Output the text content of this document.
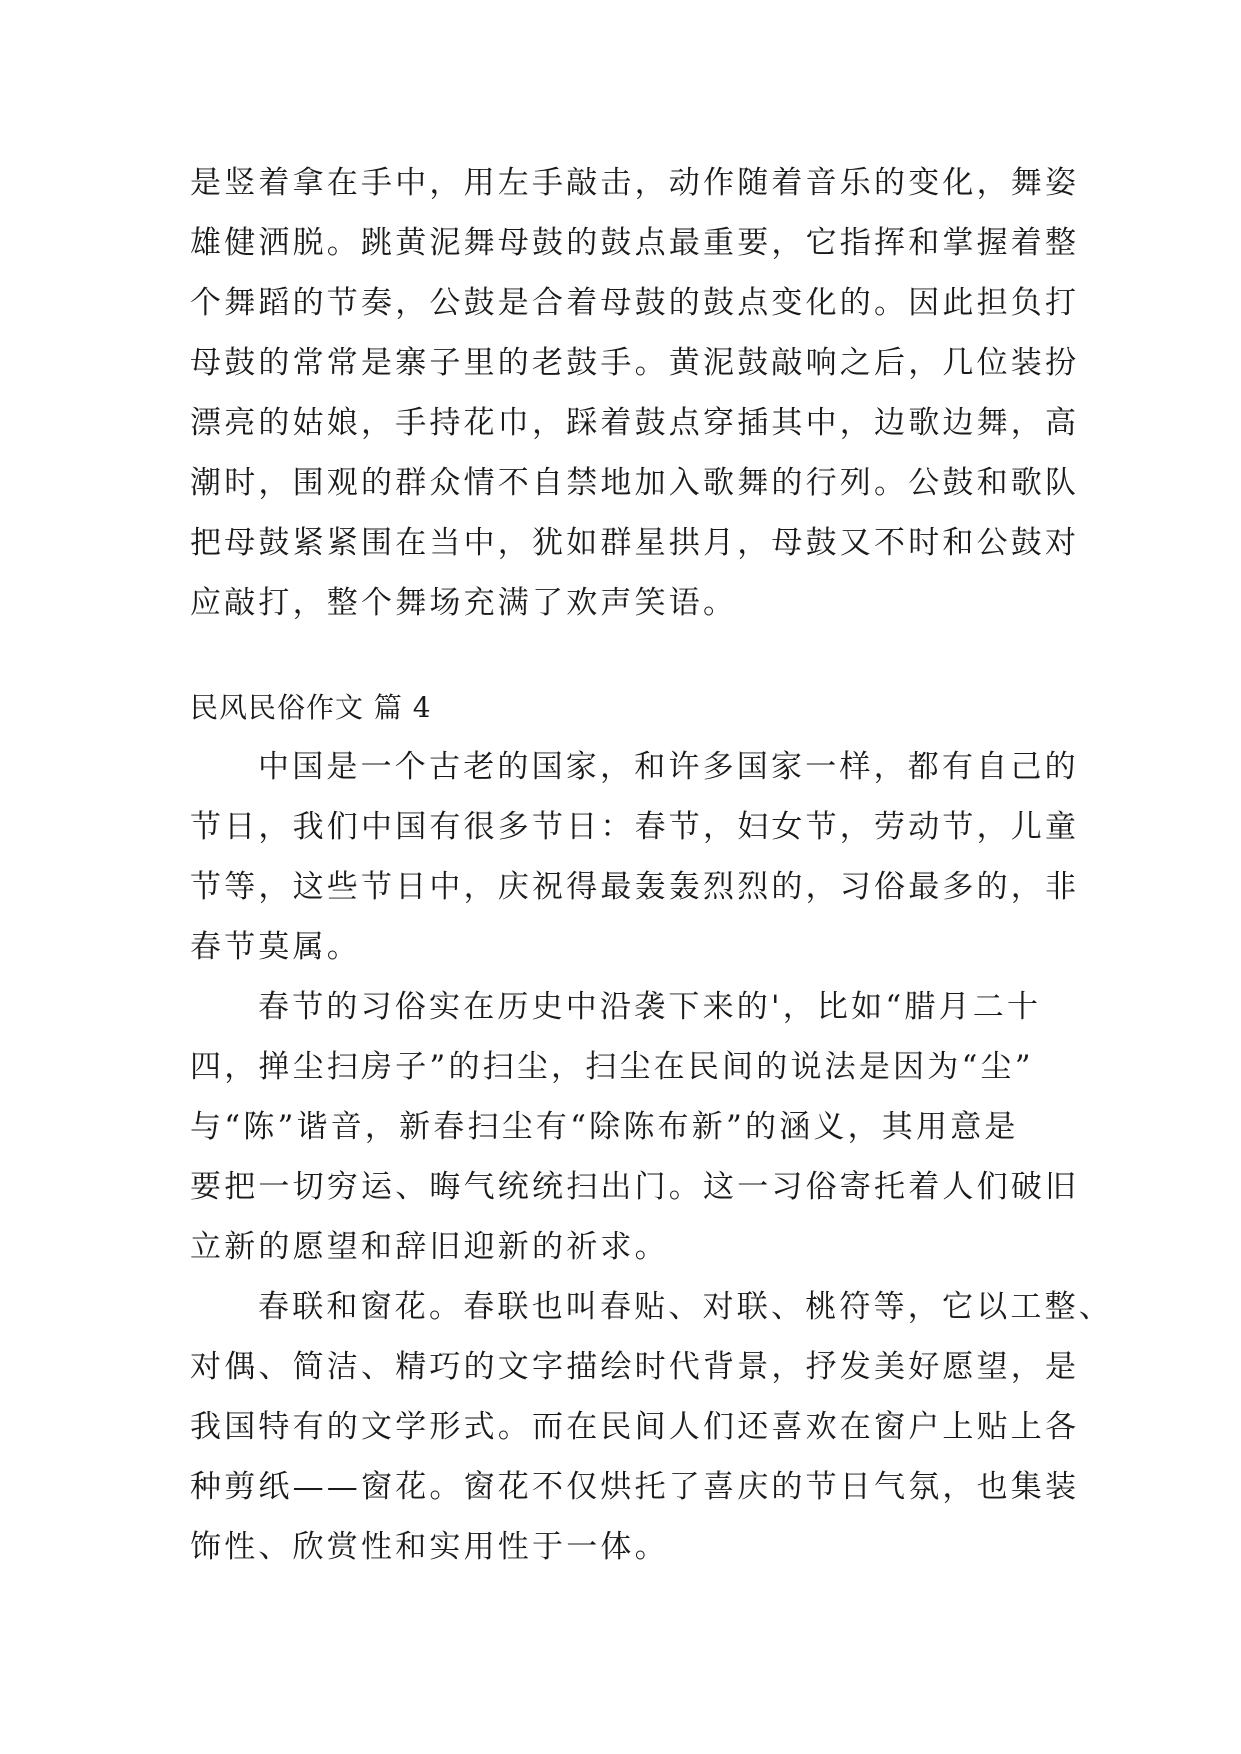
是竖着拿在手中，用左手敲击，动作随着音乐的变化，舞姿
雄健洒脱。跳黄泥舞母鼓的鼓点最重要，它指挥和掌握着整
个舞蹈的节奏，公鼓是合着母鼓的鼓点变化的。因此担负打
母鼓的常常是寨子里的老鼓手。黄泥鼓敲响之后，几位装扮
漂亮的姑娘，手持花巾，踩着鼓点穿插其中，边歌边舞，高
潮时，围观的群众情不自禁地加入歌舞的行列。公鼓和歌队
把母鼓紧紧围在当中，犹如群星拱月，母鼓又不时和公鼓对
应敲打，整个舞场充满了欢声笑语。
民风民俗作文 篇 4
中国是一个古老的国家，和许多国家一样，都有自己的
节日，我们中国有很多节日：春节，妇女节，劳动节，儿童
节等，这些节日中，庆祝得最轰轰烈烈的，习俗最多的，非
春节莫属。
春节的习俗实在历史中沿袭下来的'，比如“腊月二十
四，掸尘扫房子”的扫尘，扫尘在民间的说法是因为“尘”
与“陈”谐音，新春扫尘有“除陈布新”的涵义，其用意是
要把一切穷运、晦气统统扫出门。这一习俗寄托着人们破旧
立新的愿望和辞旧迎新的祈求。
春联和窗花。春联也叫春贴、对联、桃符等，它以工整、
对偶、简洁、精巧的文字描绘时代背景，抒发美好愿望，是
我国特有的文学形式。而在民间人们还喜欢在窗户上贴上各
种剪纸——窗花。窗花不仅烘托了喜庆的节日气氛，也集装
饰性、欣赏性和实用性于一体。
